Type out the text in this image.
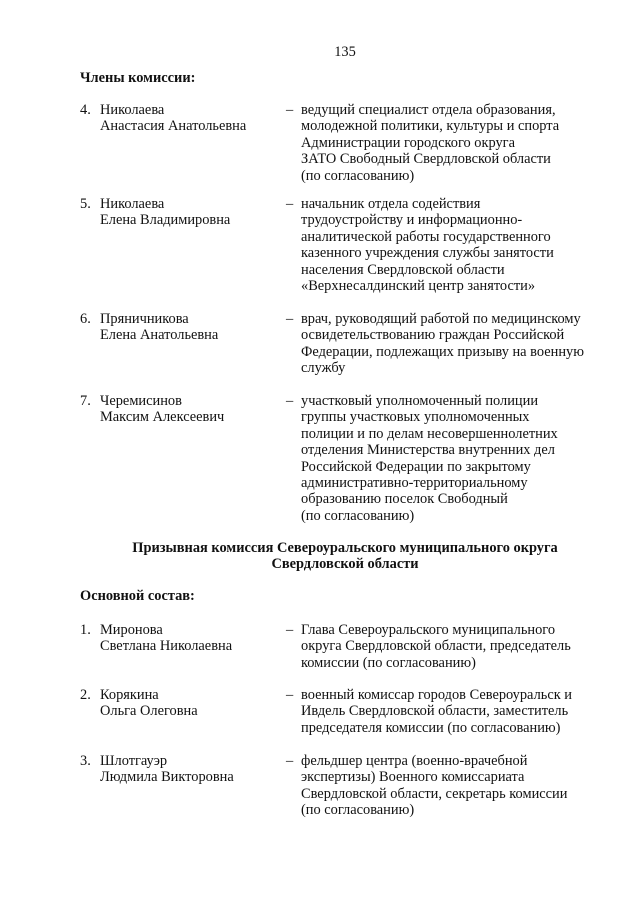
135
Члены комиссии:
4. Николаева
Анастасия Анатольевна
– ведущий специалист отдела образования,
молодежной политики, культуры и спорта
Администрации городского округа
ЗАТО Свободный Свердловской области
(по согласованию)
5. Николаева
Елена Владимировна
– начальник отдела содействия
трудоустройству и информационно-
аналитической работы государственного
казенного учреждения службы занятости
населения Свердловской области
«Верхнесалдинский центр занятости»
6. Пряничникова
Елена Анатольевна
– врач, руководящий работой по медицинскому
освидетельствованию граждан Российской
Федерации, подлежащих призыву на военную
службу
7. Черемисинов
Максим Алексеевич
– участковый уполномоченный полиции
группы участковых уполномоченных
полиции и по делам несовершеннолетних
отделения Министерства внутренних дел
Российской Федерации по закрытому
административно-территориальному
образованию поселок Свободный
(по согласованию)
Призывная комиссия Североуральского муниципального округа
Свердловской области
Основной состав:
1. Миронова
Светлана Николаевна
– Глава Североуральского муниципального
округа Свердловской области, председатель
комиссии (по согласованию)
2. Корякина
Ольга Олеговна
– военный комиссар городов Североуральск и
Ивдель Свердловской области, заместитель
председателя комиссии (по согласованию)
3. Шлотгауэр
Людмила Викторовна
– фельдшер центра (военно-врачебной
экспертизы) Военного комиссариата
Свердловской области, секретарь комиссии
(по согласованию)
